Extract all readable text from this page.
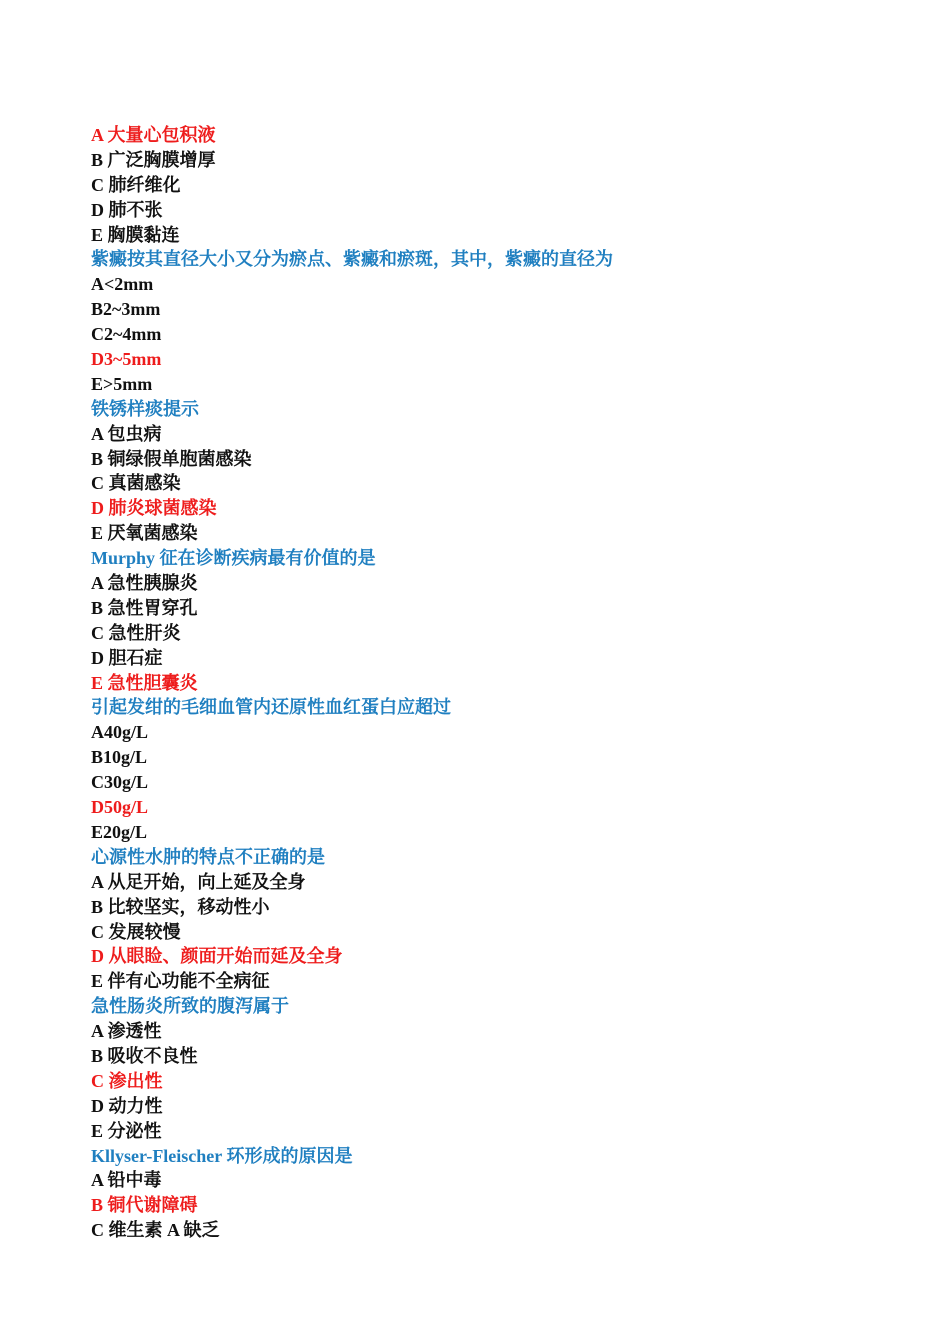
A 大量心包积液
B 广泛胸膜增厚
C 肺纤维化
D 肺不张
E 胸膜黏连
紫癜按其直径大小又分为瘀点、紫癜和瘀斑，其中，紫癜的直径为
A<2mm
B2~3mm
C2~4mm
D3~5mm
E>5mm
铁锈样痰提示
A 包虫病
B 铜绿假单胞菌感染
C 真菌感染
D 肺炎球菌感染
E 厌氧菌感染
Murphy 征在诊断疾病最有价值的是
A 急性胰腺炎
B 急性胃穿孔
C 急性肝炎
D 胆石症
E 急性胆囊炎
引起发绀的毛细血管内还原性血红蛋白应超过
A40g/L
B10g/L
C30g/L
D50g/L
E20g/L
心源性水肿的特点不正确的是
A 从足开始，向上延及全身
B 比较坚实，移动性小
C 发展较慢
D 从眼睑、颜面开始而延及全身
E 伴有心功能不全病征
急性肠炎所致的腹泻属于
A 渗透性
B 吸收不良性
C 渗出性
D 动力性
E 分泌性
Kllyser-Fleischer 环形成的原因是
A 铅中毒
B 铜代谢障碍
C 维生素 A 缺乏
